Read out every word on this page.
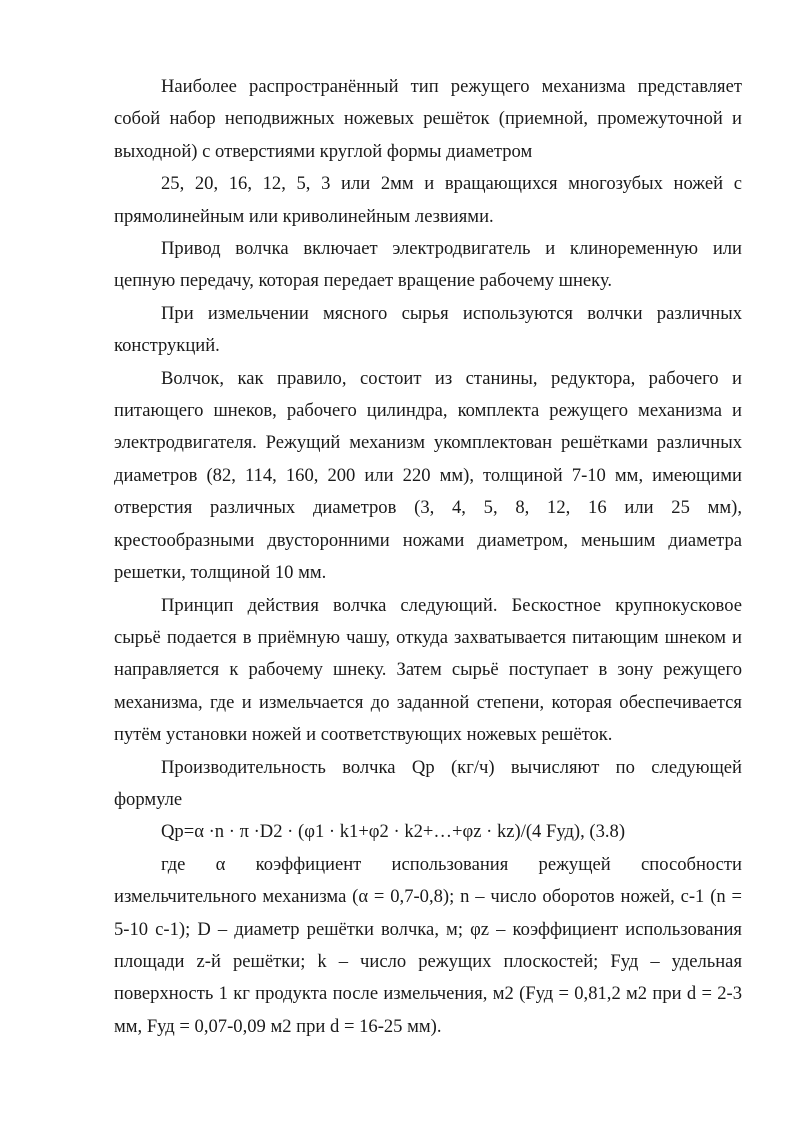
Наиболее распространённый тип режущего механизма представляет собой набор неподвижных ножевых решёток (приемной, промежуточной и выходной) с отверстиями круглой формы диаметром

25, 20, 16, 12, 5, 3 или 2мм и вращающихся многозубых ножей с прямолинейным или криволинейным лезвиями.

Привод волчка включает электродвигатель и клиноременную или цепную передачу, которая передает вращение рабочему шнеку.

При измельчении мясного сырья используются волчки различных конструкций.

Волчок, как правило, состоит из станины, редуктора, рабочего и питающего шнеков, рабочего цилиндра, комплекта режущего механизма и электродвигателя. Режущий механизм укомплектован решётками различных диаметров (82, 114, 160, 200 или 220 мм), толщиной 7-10 мм, имеющими отверстия различных диаметров (3, 4, 5, 8, 12, 16 или 25 мм), крестообразными двусторонними ножами диаметром, меньшим диаметра решетки, толщиной 10 мм.

Принцип действия волчка следующий. Бескостное крупнокусковое сырьё подается в приёмную чашу, откуда захватывается питающим шнеком и направляется к рабочему шнеку. Затем сырьё поступает в зону режущего механизма, где и измельчается до заданной степени, которая обеспечивается путём установки ножей и соответствующих ножевых решёток.

Производительность волчка Qр (кг/ч) вычисляют по следующей формуле

Qр=α ·n · π ·D2 · (φ1 · k1+φ2 · k2+…+φz · kz)/(4 Fуд), (3.8)

где α коэффициент использования режущей способности измельчительного механизма (α = 0,7-0,8); n – число оборотов ножей, с-1 (n = 5-10 с-1); D – диаметр решётки волчка, м; φz – коэффициент использования площади z-й решётки; k – число режущих плоскостей; Fуд – удельная поверхность 1 кг продукта после измельчения, м2 (Fуд = 0,81,2 м2 при d = 2-3 мм, Fуд = 0,07-0,09 м2 при d = 16-25 мм).
